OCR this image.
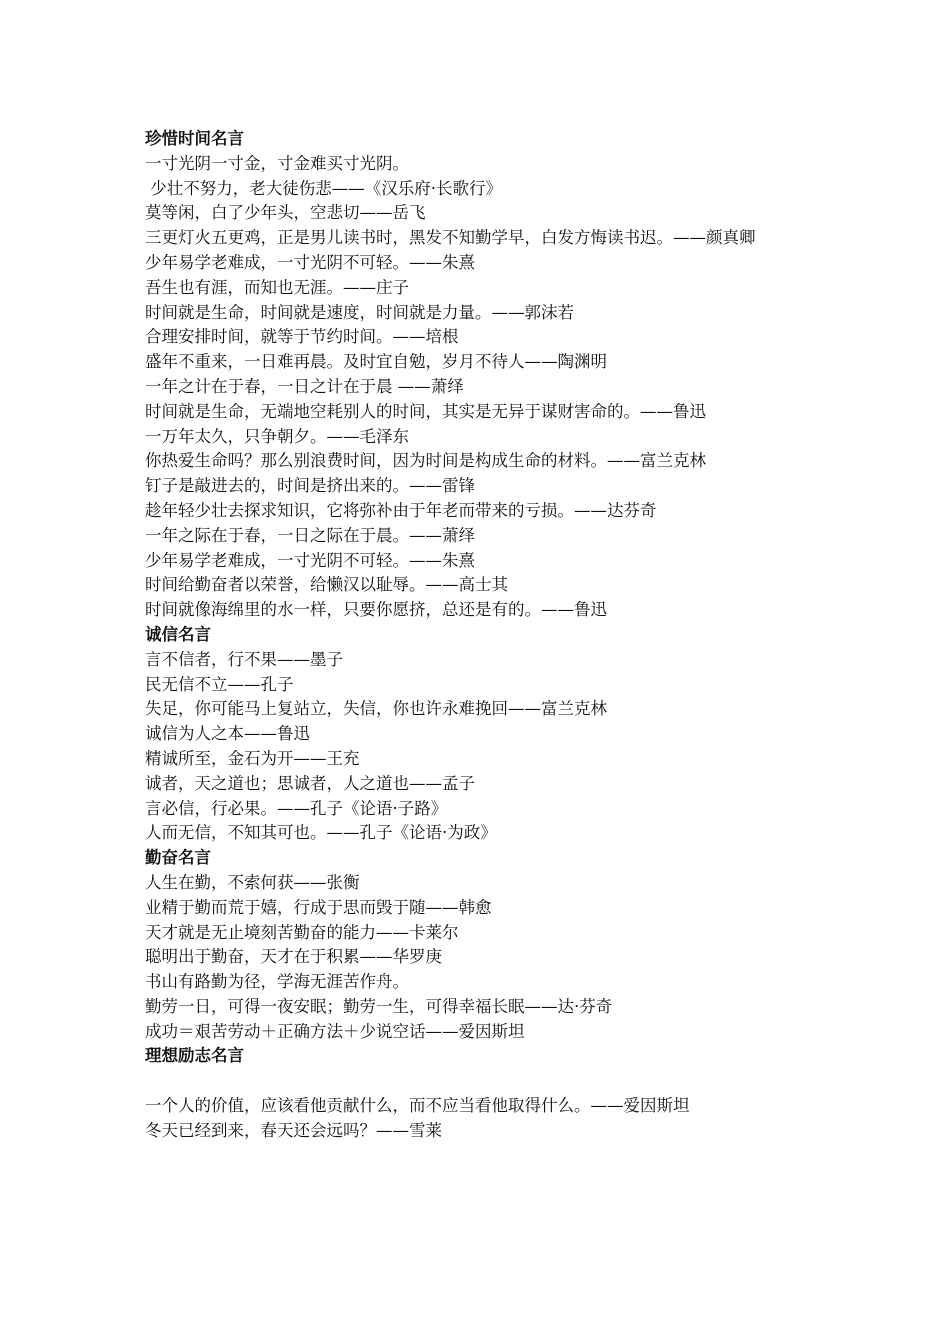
珍惜时间名言
一寸光阴一寸金，寸金难买寸光阴。
少壮不努力，老大徒伤悲——《汉乐府·长歌行》
莫等闲，白了少年头，空悲切——岳飞
三更灯火五更鸡，正是男儿读书时，黑发不知勤学早，白发方悔读书迟。——颜真卿
少年易学老难成，一寸光阴不可轻。——朱熹
吾生也有涯，而知也无涯。——庄子
时间就是生命，时间就是速度，时间就是力量。——郭沫若
合理安排时间，就等于节约时间。——培根
盛年不重来，一日难再晨。及时宜自勉，岁月不待人——陶渊明
一年之计在于春，一日之计在于晨 ——萧绎
时间就是生命，无端地空耗别人的时间，其实是无异于谋财害命的。——鲁迅
一万年太久，只争朝夕。——毛泽东
你热爱生命吗？那么别浪费时间，因为时间是构成生命的材料。——富兰克林
钉子是敲进去的，时间是挤出来的。——雷锋
趁年轻少壮去探求知识，它将弥补由于年老而带来的亏损。——达芬奇
一年之际在于春，一日之际在于晨。——萧绎
少年易学老难成，一寸光阴不可轻。——朱熹
时间给勤奋者以荣誉，给懒汉以耻辱。——高士其
时间就像海绵里的水一样，只要你愿挤，总还是有的。——鲁迅
诚信名言
言不信者，行不果——墨子
民无信不立——孔子
失足，你可能马上复站立，失信，你也许永难挽回——富兰克林
诚信为人之本——鲁迅
精诚所至，金石为开——王充
诚者，天之道也；思诚者，人之道也——孟子
言必信，行必果。——孔子《论语·子路》
人而无信，不知其可也。——孔子《论语·为政》
勤奋名言
人生在勤，不索何获——张衡
业精于勤而荒于嬉，行成于思而毁于随——韩愈
天才就是无止境刻苦勤奋的能力——卡莱尔
聪明出于勤奋，天才在于积累——华罗庚
书山有路勤为径，学海无涯苦作舟。
勤劳一日，可得一夜安眠；勤劳一生，可得幸福长眠——达·芬奇
成功＝艰苦劳动＋正确方法＋少说空话——爱因斯坦
理想励志名言
一个人的价值，应该看他贡献什么，而不应当看他取得什么。——爱因斯坦
冬天已经到来，春天还会远吗？——雪莱
